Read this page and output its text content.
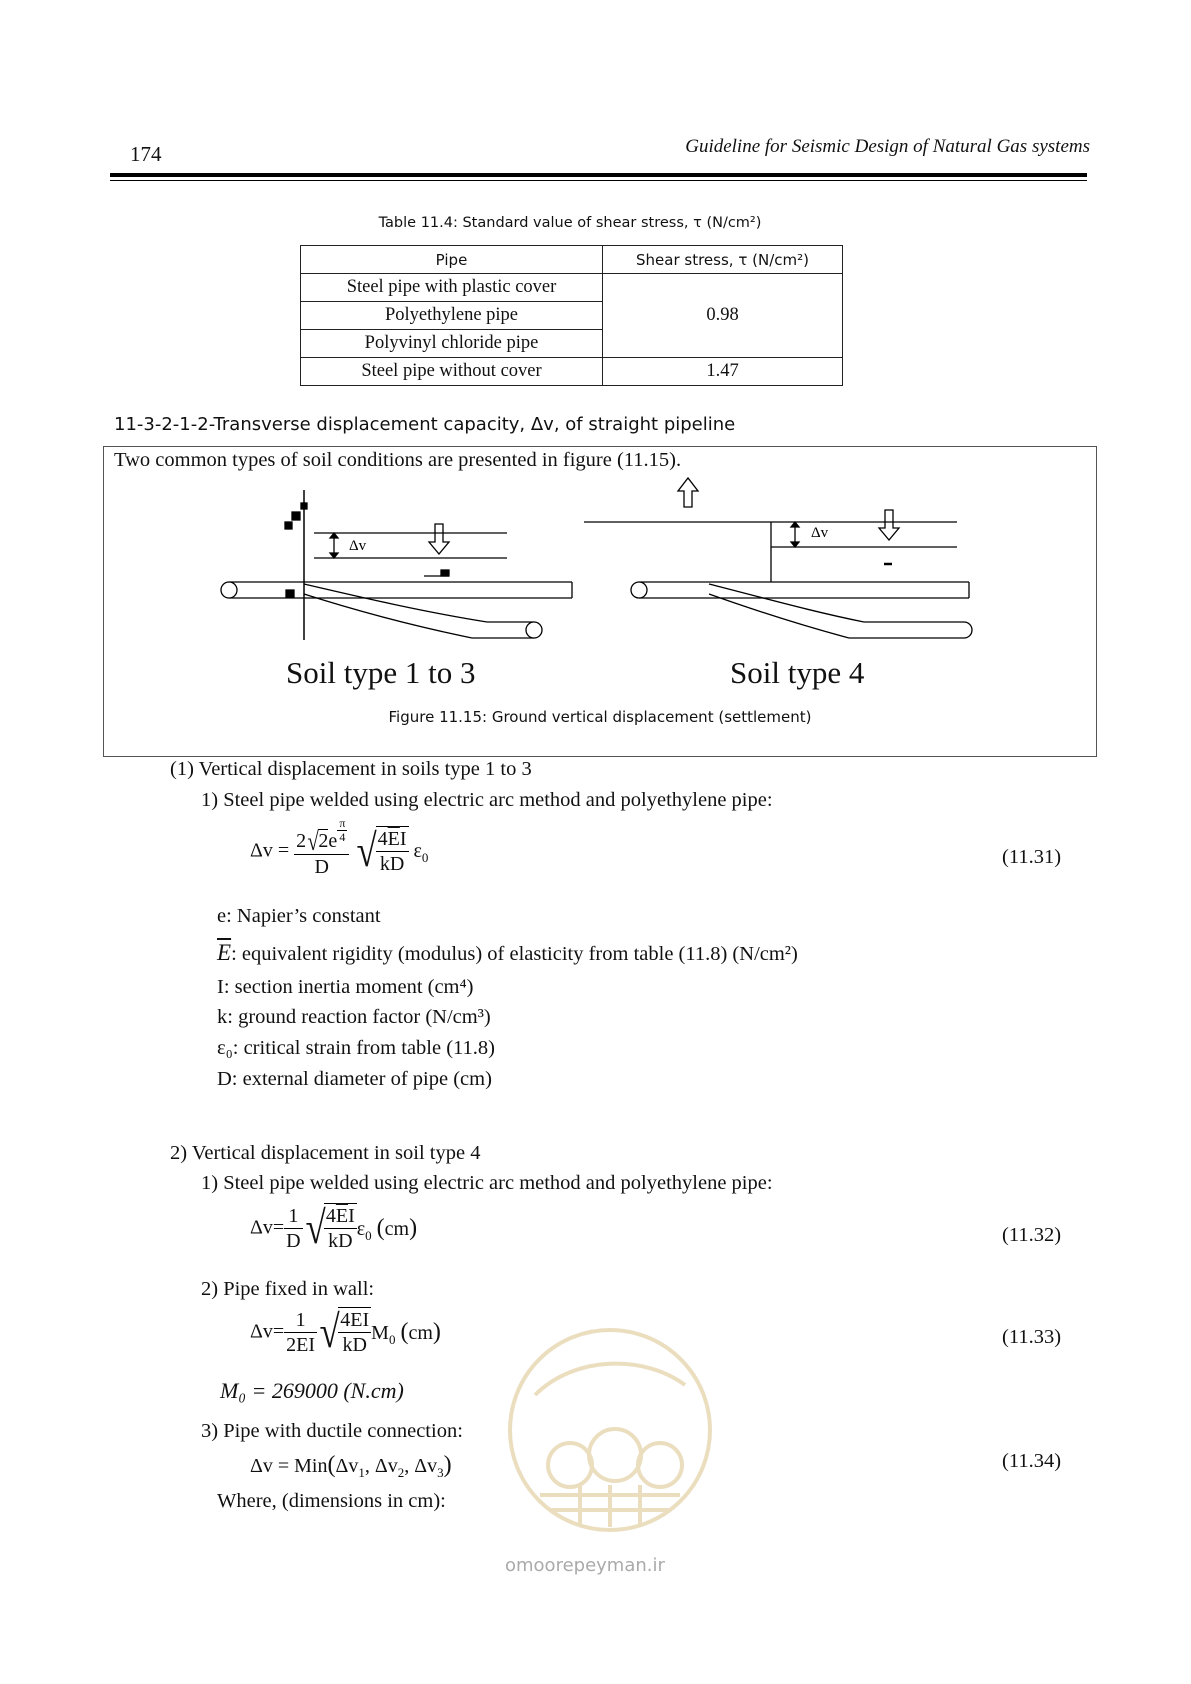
174	Guideline for Seismic Design of Natural Gas systems
Table 11.4: Standard value of shear stress, τ (N/cm²)
Pipe	Shear stress, τ (N/cm²)
Steel pipe with plastic cover	0.98
Polyethylene pipe	
Polyvinyl chloride pipe	
Steel pipe without cover	1.47
11-3-2-1-2-Transverse displacement capacity, Δv, of straight pipeline
Two common types of soil conditions are presented in figure (11.15).
Δv
Δv
Soil type 1 to 3	Soil type 4
Figure 11.15: Ground vertical displacement (settlement)
(1) Vertical displacement in soils type 1 to 3
1) Steel pipe welded using electric arc method and polyethylene pipe:
Δv = 2√2e $^{\frac{\pi}{4}}$
D √
$\frac{4\overline{E}I}{kD} \varepsilon_0$	(11.31)
e: Napier’s constant
$\overline{E}$: equivalent rigidity (modulus) of elasticity from table (11.8) (N/cm²)
I: section inertia moment (cm⁴)
k: ground reaction factor (N/cm³)
ε₀: critical strain from table (11.8)
D: external diameter of pipe (cm)
2) Vertical displacement in soil type 4
1) Steel pipe welded using electric arc method and polyethylene pipe:
$\Delta v= \frac{1}{D}$ √
$\frac{4\overline{E}I}{kD} \varepsilon_0$ (cm)	(11.32)
2) Pipe fixed in wall:
$\Delta v= \frac{1}{2EI}$ √
$\frac{4EI}{kD} M_0$ (cm)	(11.33)
M₀ = 269000 (N.cm)
3) Pipe with ductile connection:
$\Delta v = Min(\Delta v_1$, $\Delta v_2$, $\Delta v_3$)	(11.34)
Where, (dimensions in cm):
omoorepeyman.ir
